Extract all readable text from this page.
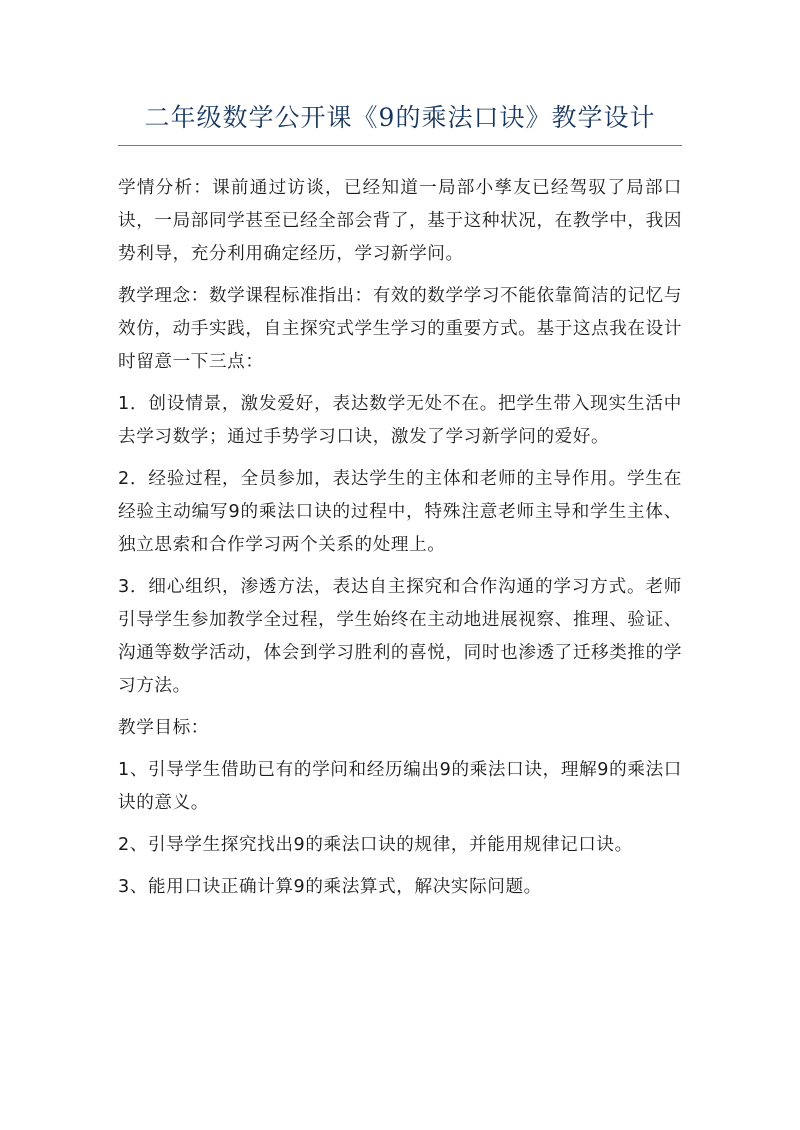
二年级数学公开课《9的乘法口诀》教学设计

学情分析：课前通过访谈，已经知道一局部小孳友已经驾驭了局部口诀，一局部同学甚至已经全部会背了，基于这种状况，在教学中，我因势利导，充分利用确定经历，学习新学问。

教学理念：数学课程标准指出：有效的数学学习不能依靠简洁的记忆与效仿，动手实践，自主探究式学生学习的重要方式。基于这点我在设计时留意一下三点：

1．创设情景，激发爱好，表达数学无处不在。把学生带入现实生活中去学习数学；通过手势学习口诀，激发了学习新学问的爱好。

2．经验过程，全员参加，表达学生的主体和老师的主导作用。学生在经验主动编写9的乘法口诀的过程中，特殊注意老师主导和学生主体、独立思索和合作学习两个关系的处理上。

3．细心组织，渗透方法，表达自主探究和合作沟通的学习方式。老师引导学生参加教学全过程，学生始终在主动地进展视察、推理、验证、沟通等数学活动，体会到学习胜利的喜悦，同时也渗透了迁移类推的学习方法。

教学目标：

1、引导学生借助已有的学问和经历编出9的乘法口诀，理解9的乘法口诀的意义。

2、引导学生探究找出9的乘法口诀的规律，并能用规律记口诀。

3、能用口诀正确计算9的乘法算式，解决实际问题。
